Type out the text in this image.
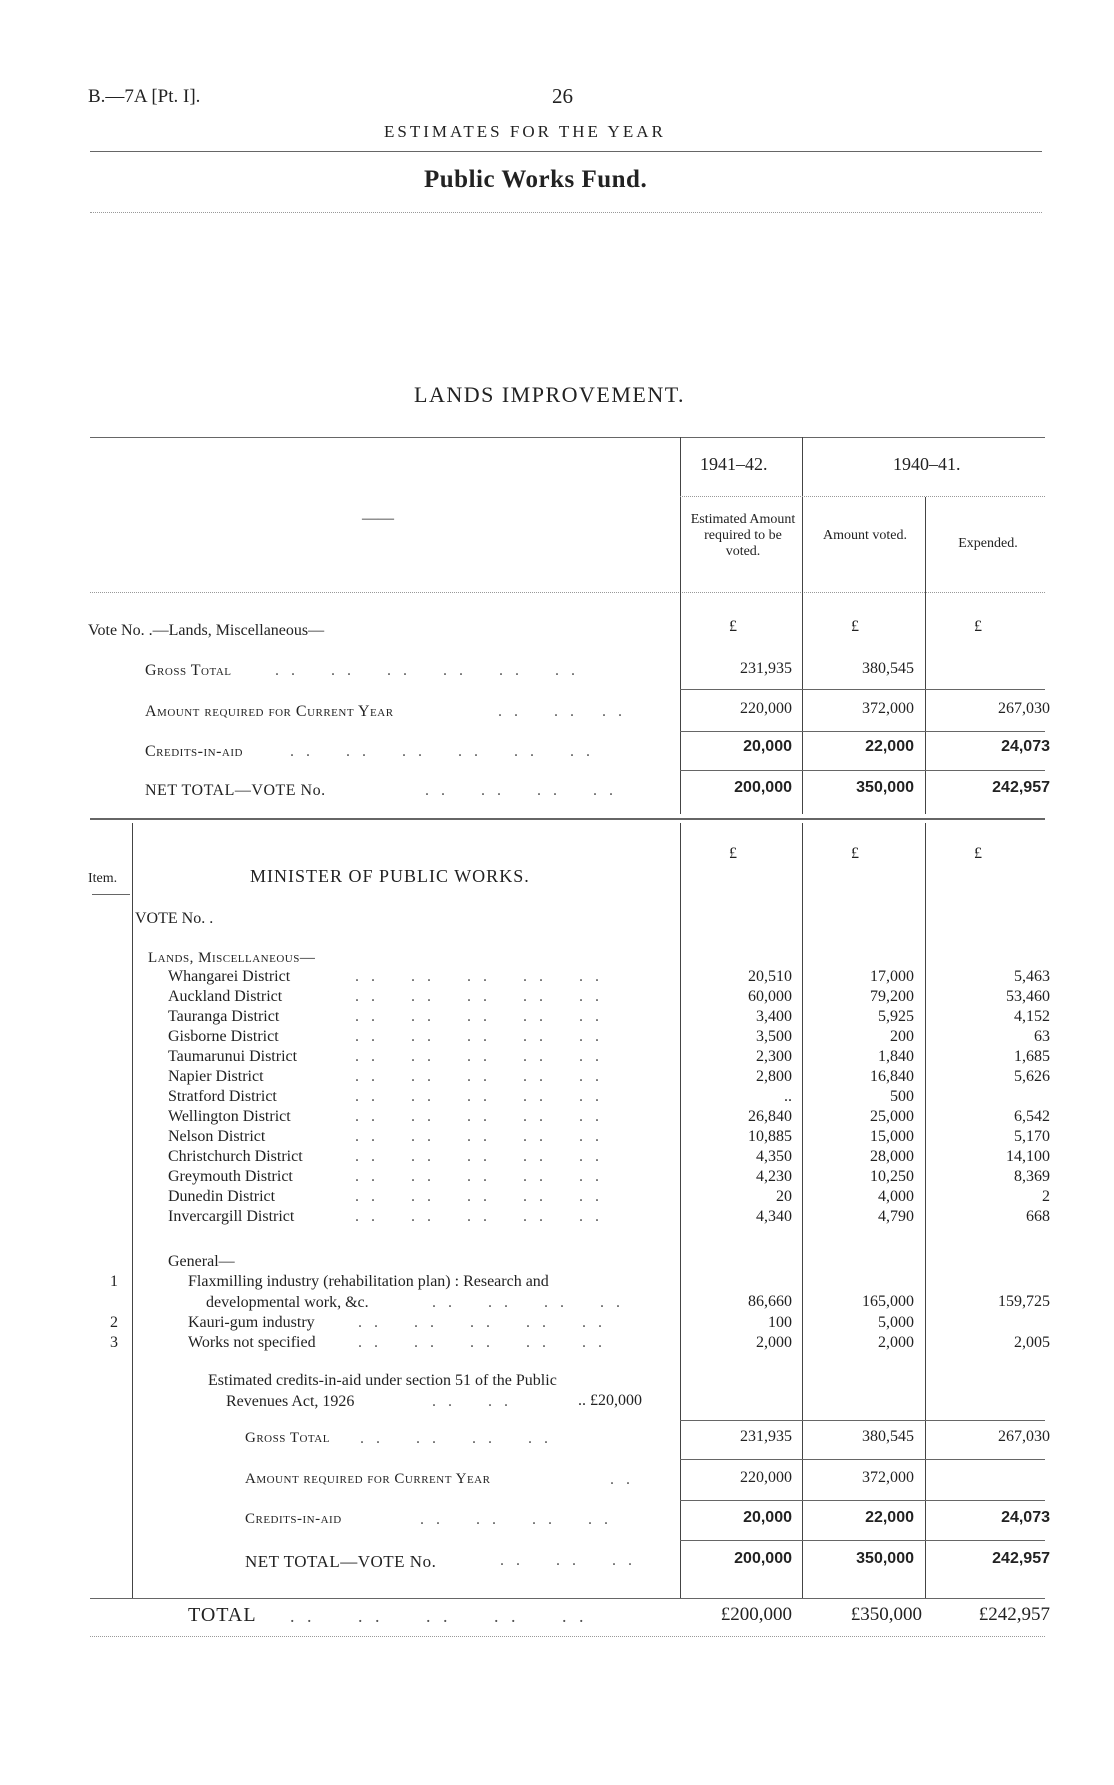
B.—7A [Pt. I].	26
ESTIMATES FOR THE YEAR
Public Works Fund.
LANDS IMPROVEMENT.
——
1941–42.	1940–41.
Estimated Amount required to be voted.
Amount voted.
Expended.
Vote No. .—Lands, Miscellaneous—	£	£	£
Gross Total	. .    . .    . .    . .    . .    . .	231,935	380,545
Amount required for Current Year	. .    . .   . .	220,000	372,000	267,030
Credits-in-aid	. .    . .    . .    . .    . .    . .	20,000	22,000	24,073
NET TOTAL—VOTE No.	. .    . .    . .    . .	200,000	350,000	242,957
Item.
£	£	£
MINISTER OF PUBLIC WORKS.
VOTE No. .
Lands, Miscellaneous—
Whangarei District	. .    . .    . .    . .    . .	20,510	17,000	5,463
Auckland District	. .    . .    . .    . .    . .	60,000	79,200	53,460
Tauranga District	. .    . .    . .    . .    . .	3,400	5,925	4,152
Gisborne District	. .    . .    . .    . .    . .	3,500	200	63
Taumarunui District	. .    . .    . .    . .    . .	2,300	1,840	1,685
Napier District	. .    . .    . .    . .    . .	2,800	16,840	5,626
Stratford District	. .    . .    . .    . .    . .	..	500
Wellington District	. .    . .    . .    . .    . .	26,840	25,000	6,542
Nelson District	. .    . .    . .    . .    . .	10,885	15,000	5,170
Christchurch District	. .    . .    . .    . .    . .	4,350	28,000	14,100
Greymouth District	. .    . .    . .    . .    . .	4,230	10,250	8,369
Dunedin District	. .    . .    . .    . .    . .	20	4,000	2
Invercargill District	. .    . .    . .    . .    . .	4,340	4,790	668
General—
1	Flaxmilling industry (rehabilitation plan) : Research and
developmental work, &c.	. .    . .    . .    . .	86,660	165,000	159,725
2	Kauri-gum industry	. .    . .    . .    . .    . .	100	5,000
3	Works not specified	. .    . .    . .    . .    . .	2,000	2,000	2,005
Estimated credits-in-aid under section 51 of the Public
Revenues Act, 1926	. .    . .	.. £20,000
Gross Total . .    . .    . .    . .	231,935	380,545	267,030
Amount required for Current Year	. .	220,000	372,000
Credits-in-aid	. .    . .    . .    . .	20,000	22,000	24,073
NET TOTAL—VOTE No.	. .    . .    . .	200,000	350,000	242,957
TOTAL . .     . .     . .     . .     . .	£200,000	£350,000	£242,957
